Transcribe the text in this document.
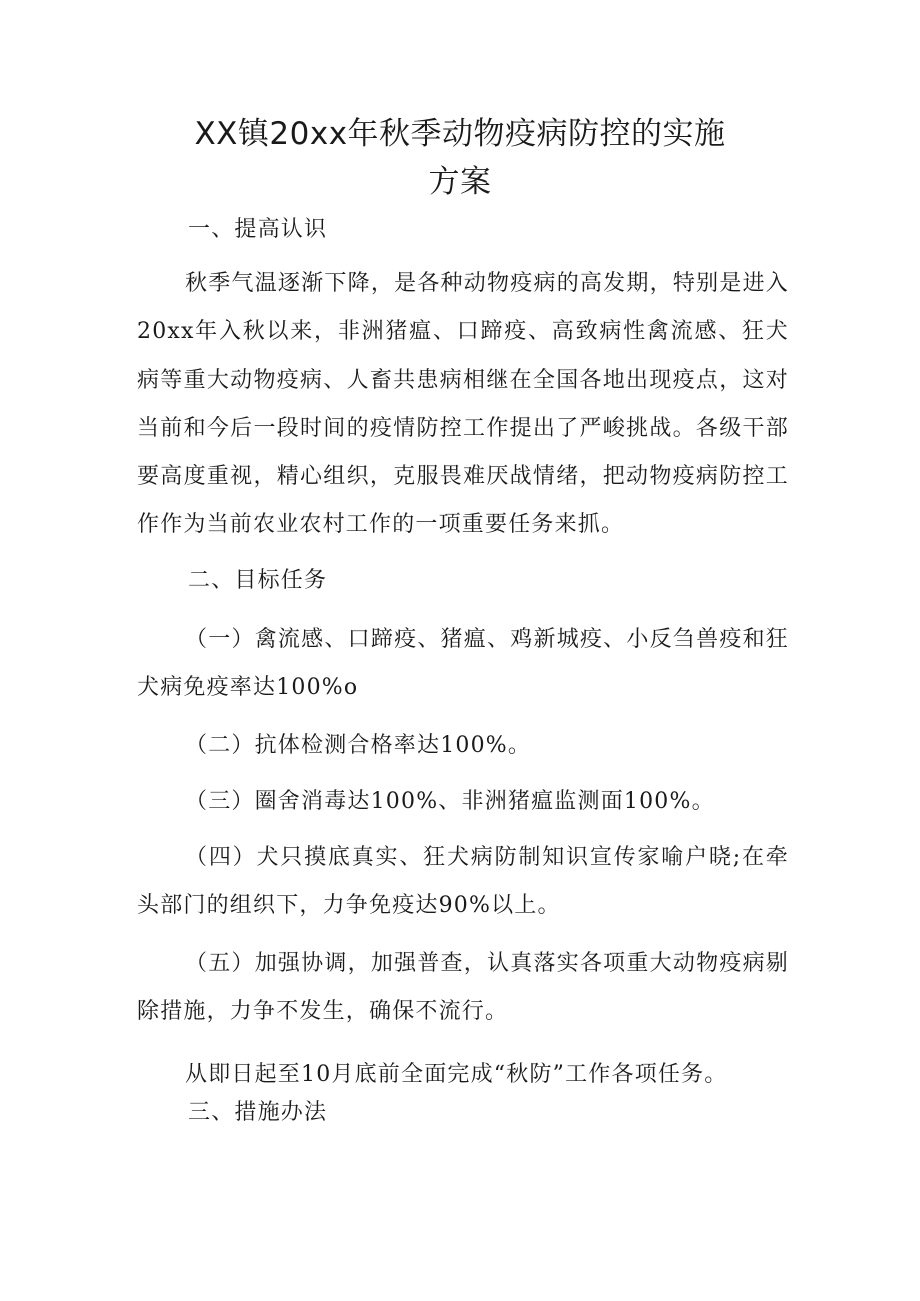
XX镇20xx年秋季动物疫病防控的实施
方案

一、提高认识

秋季气温逐渐下降，是各种动物疫病的高发期，特别是进入20xx年入秋以来，非洲猪瘟、口蹄疫、高致病性禽流感、狂犬病等重大动物疫病、人畜共患病相继在全国各地出现疫点，这对当前和今后一段时间的疫情防控工作提出了严峻挑战。各级干部要高度重视，精心组织，克服畏难厌战情绪，把动物疫病防控工作作为当前农业农村工作的一项重要任务来抓。

二、目标任务

（一）禽流感、口蹄疫、猪瘟、鸡新城疫、小反刍兽疫和狂犬病免疫率达100%o

（二）抗体检测合格率达100%。

（三）圈舍消毒达100%、非洲猪瘟监测面100%。

（四）犬只摸底真实、狂犬病防制知识宣传家喻户晓;在牵头部门的组织下，力争免疫达90%以上。

（五）加强协调，加强普查，认真落实各项重大动物疫病剔除措施，力争不发生，确保不流行。

从即日起至10月底前全面完成“秋防”工作各项任务。

三、措施办法
